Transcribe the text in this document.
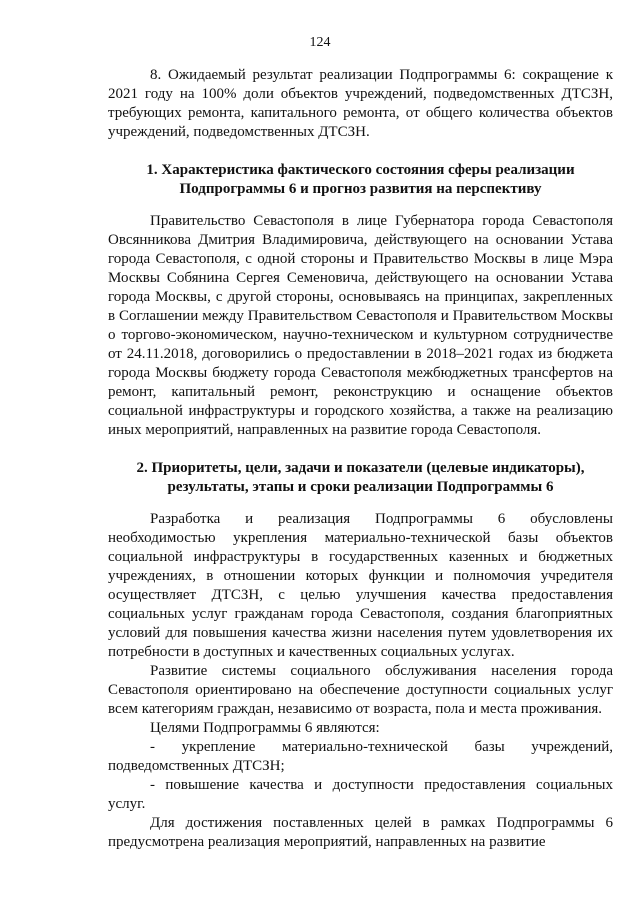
124

8. Ожидаемый результат реализации Подпрограммы 6: сокращение к 2021 году на 100% доли объектов учреждений, подведомственных ДТСЗН, требующих ремонта, капитального ремонта, от общего количества объектов учреждений, подведомственных ДТСЗН.

1. Характеристика фактического состояния сферы реализации Подпрограммы 6 и прогноз развития на перспективу

Правительство Севастополя в лице Губернатора города Севастополя Овсянникова Дмитрия Владимировича, действующего на основании Устава города Севастополя, с одной стороны и Правительство Москвы в лице Мэра Москвы Собянина Сергея Семеновича, действующего на основании Устава города Москвы, с другой стороны, основываясь на принципах, закрепленных в Соглашении между Правительством Севастополя и Правительством Москвы о торгово-экономическом, научно-техническом и культурном сотрудничестве от 24.11.2018, договорились о предоставлении в 2018–2021 годах из бюджета города Москвы бюджету города Севастополя межбюджетных трансфертов на ремонт, капитальный ремонт, реконструкцию и оснащение объектов социальной инфраструктуры и городского хозяйства, а также на реализацию иных мероприятий, направленных на развитие города Севастополя.

2. Приоритеты, цели, задачи и показатели (целевые индикаторы), результаты, этапы и сроки реализации Подпрограммы 6

Разработка и реализация Подпрограммы 6 обусловлены необходимостью укрепления материально-технической базы объектов социальной инфраструктуры в государственных казенных и бюджетных учреждениях, в отношении которых функции и полномочия учредителя осуществляет ДТСЗН, с целью улучшения качества предоставления социальных услуг гражданам города Севастополя, создания благоприятных условий для повышения качества жизни населения путем удовлетворения их потребности в доступных и качественных социальных услугах.

Развитие системы социального обслуживания населения города Севастополя ориентировано на обеспечение доступности социальных услуг всем категориям граждан, независимо от возраста, пола и места проживания.

Целями Подпрограммы 6 являются:

- укрепление материально-технической базы учреждений, подведомственных ДТСЗН;

- повышение качества и доступности предоставления социальных услуг.

Для достижения поставленных целей в рамках Подпрограммы 6 предусмотрена реализация мероприятий, направленных на развитие
